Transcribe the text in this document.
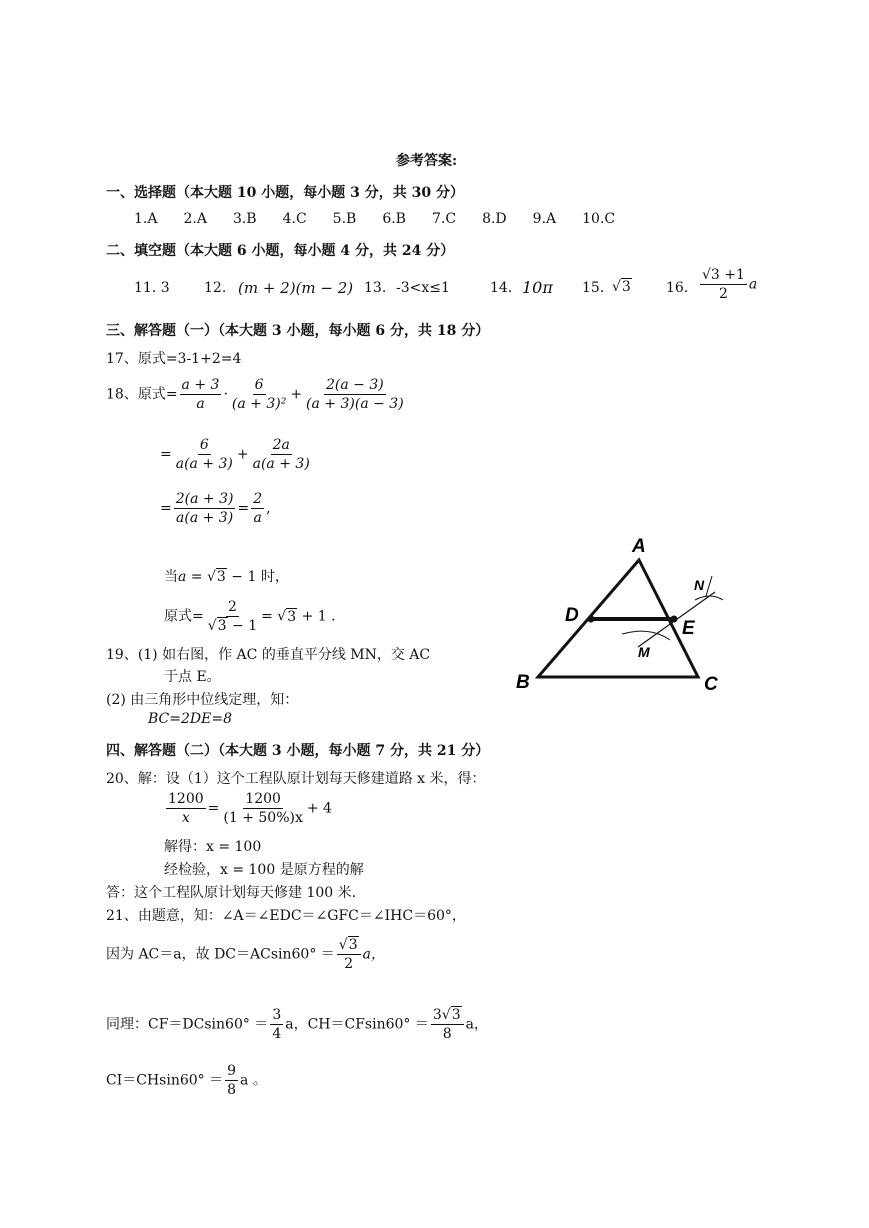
参考答案:
一、选择题（本大题 10 小题，每小题 3 分，共 30 分）
1.A 2.A 3.B 4.C 5.B 6.B 7.C 8.D 9.A 10.C
二、填空题（本大题 6 小题，每小题 4 分，共 24 分）
11. 3 12. (m + 2)(m − 2) 13. -3<x≤1	14. 10π 15. √3	16. $\frac{√3 +1}{2}$ a
三、解答题（一）（本大题 3 小题，每小题 6 分，共 18 分）
17、原式=3-1+2=4
18、原式= $\frac{a + 3}{a} \cdot \frac{6}{\text{(a + 3)²}} + \frac{2(a - 3)}{(a + 3)(a - 3)}$
= $\frac{6}{a(a + 3)} + \frac{2a}{a(a + 3)}$
= $\frac{2(a + 3)}{a(a + 3)} = \frac{2}{a}$ ,
当a = √3 − 1 时，
原式= $\frac{2}{√3 - 1} = √3 + 1$ .
19、(1) 如右图，作 AC 的垂直平分线 MN，交 AC
于点 E。
(2) 由三角形中位线定理，知：
BC=2DE=8
A
B	C
D
E
M
N
四、解答题（二）（本大题 3 小题，每小题 7 分，共 21 分）
20、解：设（1）这个工程队原计划每天修建道路 x 米，得：
$\frac{1200}{x} = \frac{1200}{(1 + 50\%)x} + 4$
解得：x = 100
经检验，x = 100 是原方程的解
答：这个工程队原计划每天修建 100 米.
21、由题意，知：∠A＝∠EDC＝∠GFC＝∠IHC＝60°，
因为 AC＝a，故 $DC=ACsin60^\circ = \frac{√3}{2}$ a，
同理：$CF=DCsin60^\circ = \frac{3}{4}$ a，$CH=CFsin60^\circ = \frac{3√3}{8}$ a，
$CI=CHsin60^\circ = \frac{9}{8}$ a 。
